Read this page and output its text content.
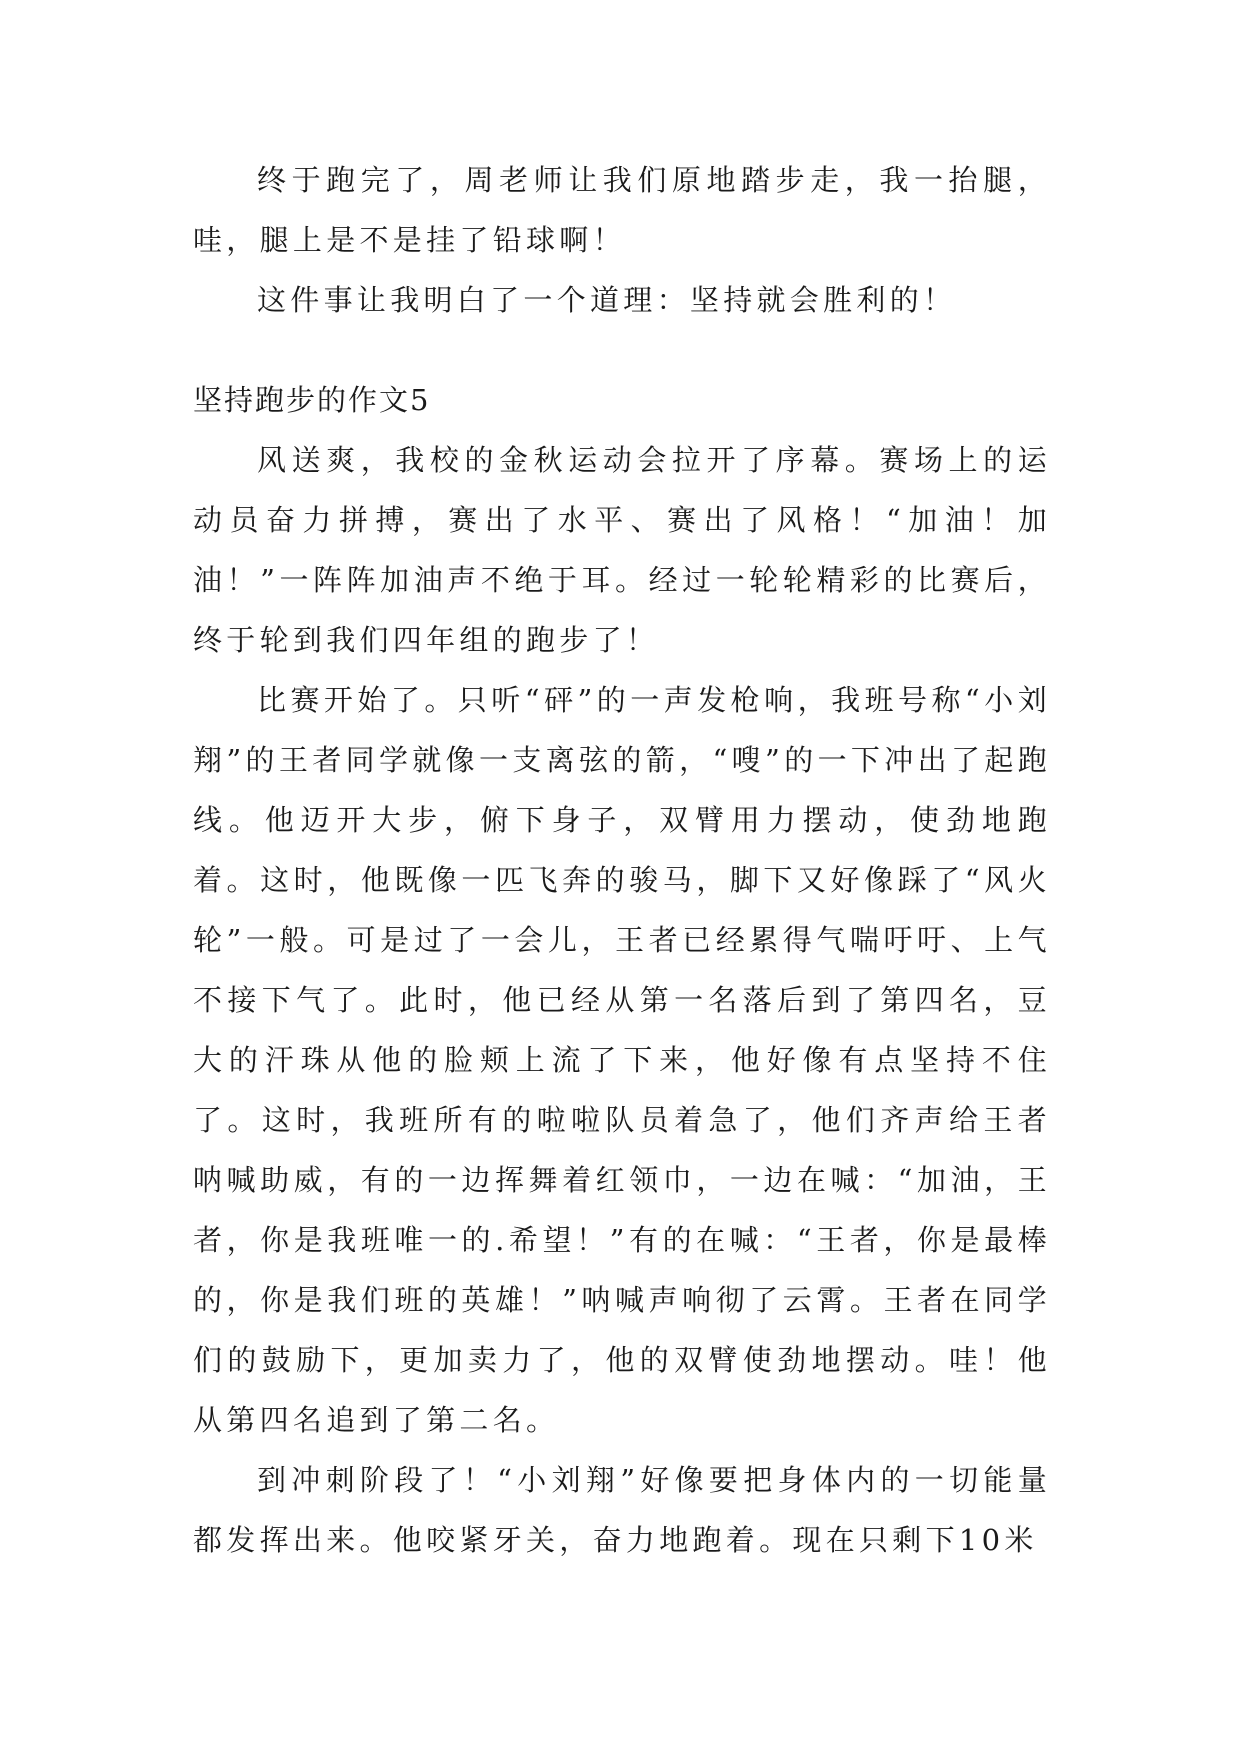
终于跑完了，周老师让我们原地踏步走，我一抬腿，哇，腿上是不是挂了铅球啊！

这件事让我明白了一个道理：坚持就会胜利的！

坚持跑步的作文5

风送爽，我校的金秋运动会拉开了序幕。赛场上的运动员奋力拼搏，赛出了水平、赛出了风格！“加油！加油！”一阵阵加油声不绝于耳。经过一轮轮精彩的比赛后，终于轮到我们四年组的跑步了！

比赛开始了。只听“砰”的一声发枪响，我班号称“小刘翔”的王者同学就像一支离弦的箭，“嗖”的一下冲出了起跑线。他迈开大步，俯下身子，双臂用力摆动，使劲地跑着。这时，他既像一匹飞奔的骏马，脚下又好像踩了“风火轮”一般。可是过了一会儿，王者已经累得气喘吁吁、上气不接下气了。此时，他已经从第一名落后到了第四名，豆大的汗珠从他的脸颊上流了下来，他好像有点坚持不住了。这时，我班所有的啦啦队员着急了，他们齐声给王者呐喊助威，有的一边挥舞着红领巾，一边在喊：“加油，王者，你是我班唯一的.希望！”有的在喊：“王者，你是最棒的，你是我们班的英雄！”呐喊声响彻了云霄。王者在同学们的鼓励下，更加卖力了，他的双臂使劲地摆动。哇！他从第四名追到了第二名。

到冲刺阶段了！“小刘翔”好像要把身体内的一切能量都发挥出来。他咬紧牙关，奋力地跑着。现在只剩下10米
